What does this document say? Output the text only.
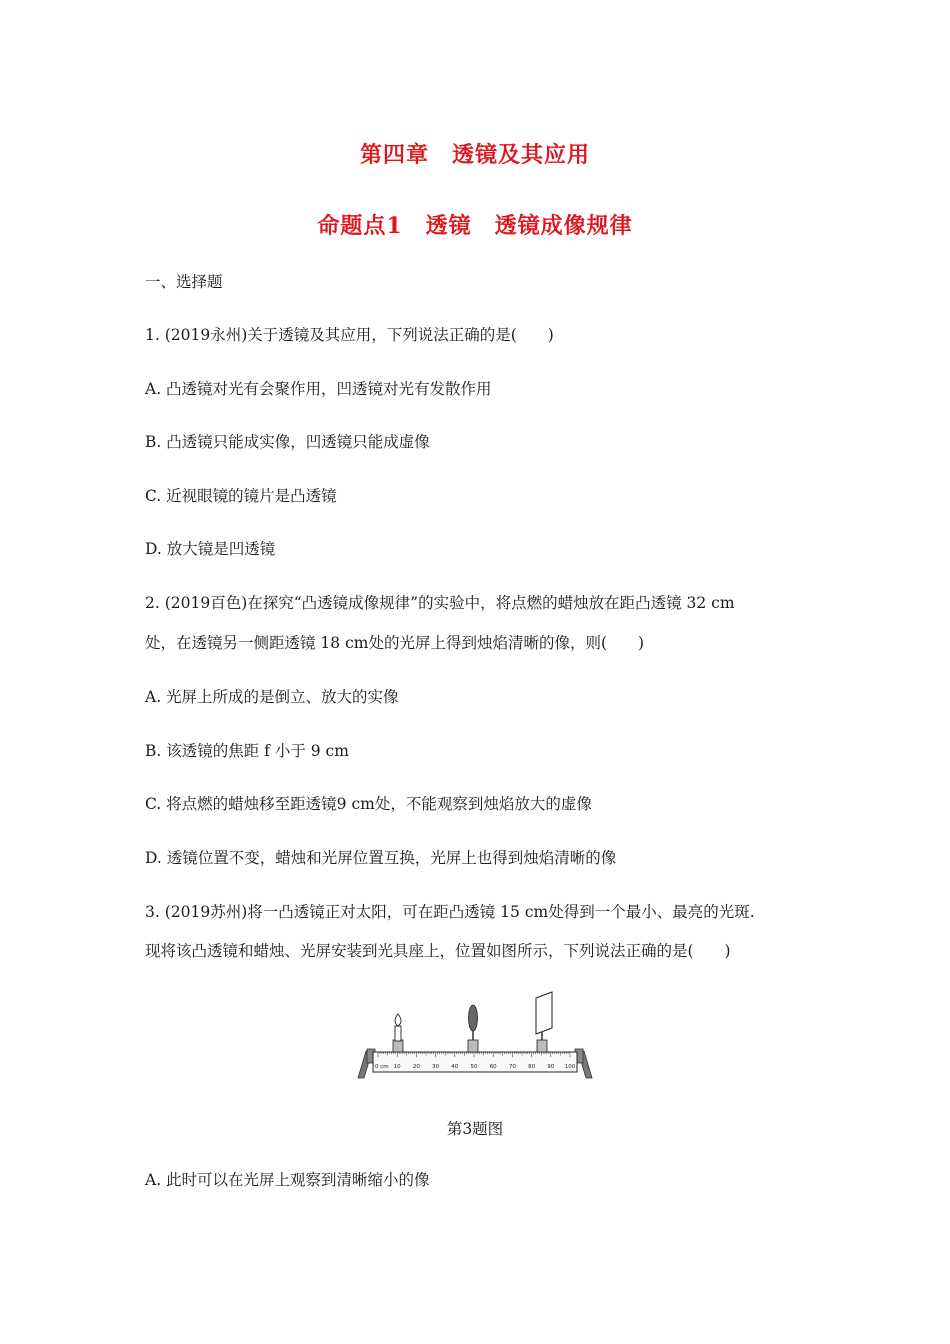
第四章　透镜及其应用
命题点1　透镜　透镜成像规律
一、选择题
1. (2019永州)关于透镜及其应用，下列说法正确的是(　　)
A. 凸透镜对光有会聚作用，凹透镜对光有发散作用
B. 凸透镜只能成实像，凹透镜只能成虚像
C. 近视眼镜的镜片是凸透镜
D. 放大镜是凹透镜
2. (2019百色)在探究“凸透镜成像规律”的实验中，将点燃的蜡烛放在距凸透镜 32 cm
处，在透镜另一侧距透镜 18 cm处的光屏上得到烛焰清晰的像，则(　　)
A. 光屏上所成的是倒立、放大的实像
B. 该透镜的焦距 f 小于 9 cm
C. 将点燃的蜡烛移至距透镜9 cm处，不能观察到烛焰放大的虚像
D. 透镜位置不变，蜡烛和光屏位置互换，光屏上也得到烛焰清晰的像
3. (2019苏州)将一凸透镜正对太阳，可在距凸透镜 15 cm处得到一个最小、最亮的光斑.
现将该凸透镜和蜡烛、光屏安装到光具座上，位置如图所示，下列说法正确的是(　　)
0 cm 10 20 30 40 50 60 70 80 90 100
第3题图
A. 此时可以在光屏上观察到清晰缩小的像
